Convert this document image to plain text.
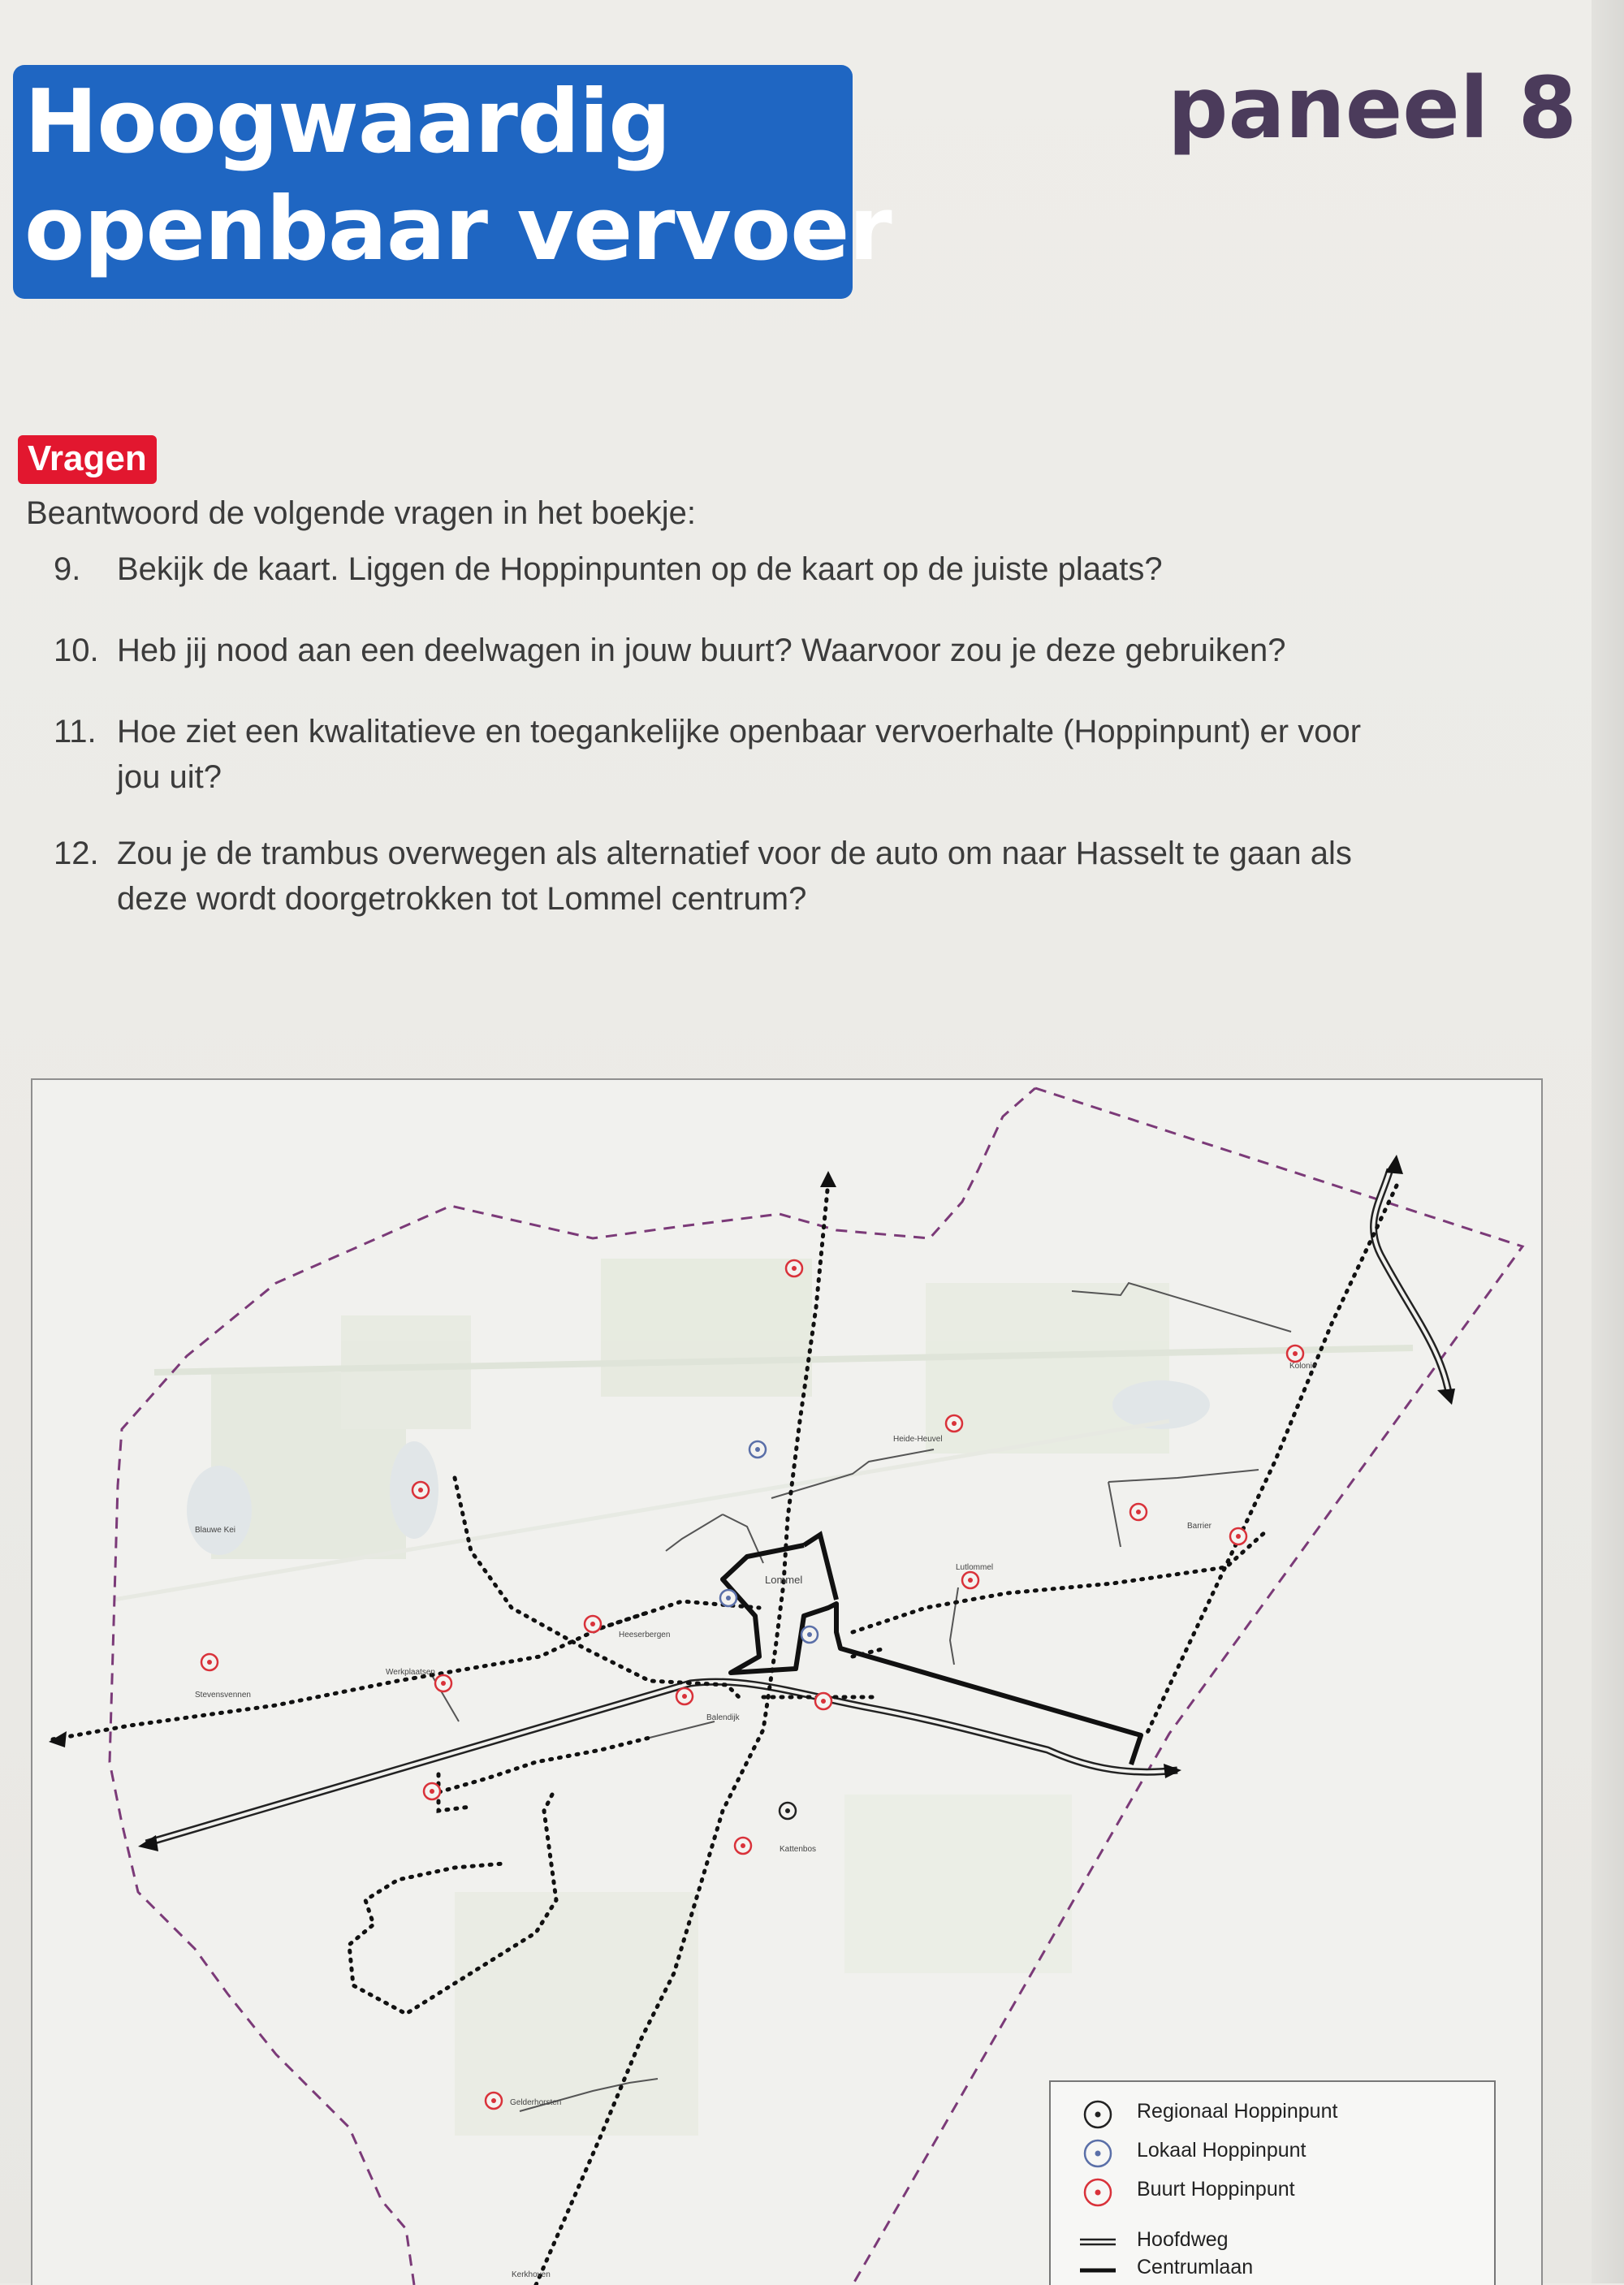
Hoogwaardig
openbaar vervoer
paneel 8
Vragen
Beantwoord de volgende vragen in het boekje:
9.	Bekijk de kaart. Liggen de Hoppinpunten op de kaart op de juiste plaats?
10. Heb jij nood aan een deelwagen in jouw buurt? Waarvoor zou je deze gebruiken?
11. Hoe ziet een kwalitatieve en toegankelijke openbaar vervoerhalte (Hoppinpunt) er voor
jou uit?
12. Zou je de trambus overwegen als alternatief voor de auto om naar Hasselt te gaan als
deze wordt doorgetrokken tot Lommel centrum?
Kolonie
Heide-Heuvel
Barrier
Lutlommel
Blauwe Kei
Stevensvennen
Werkplaatsen
Heeserbergen
Balendijk
Kattenbos
Gelderhorsten
Kerkhoven
Lommel
Regionaal Hoppinpunt
Lokaal Hoppinpunt
Buurt Hoppinpunt
Hoofdweg
Centrumlaan
